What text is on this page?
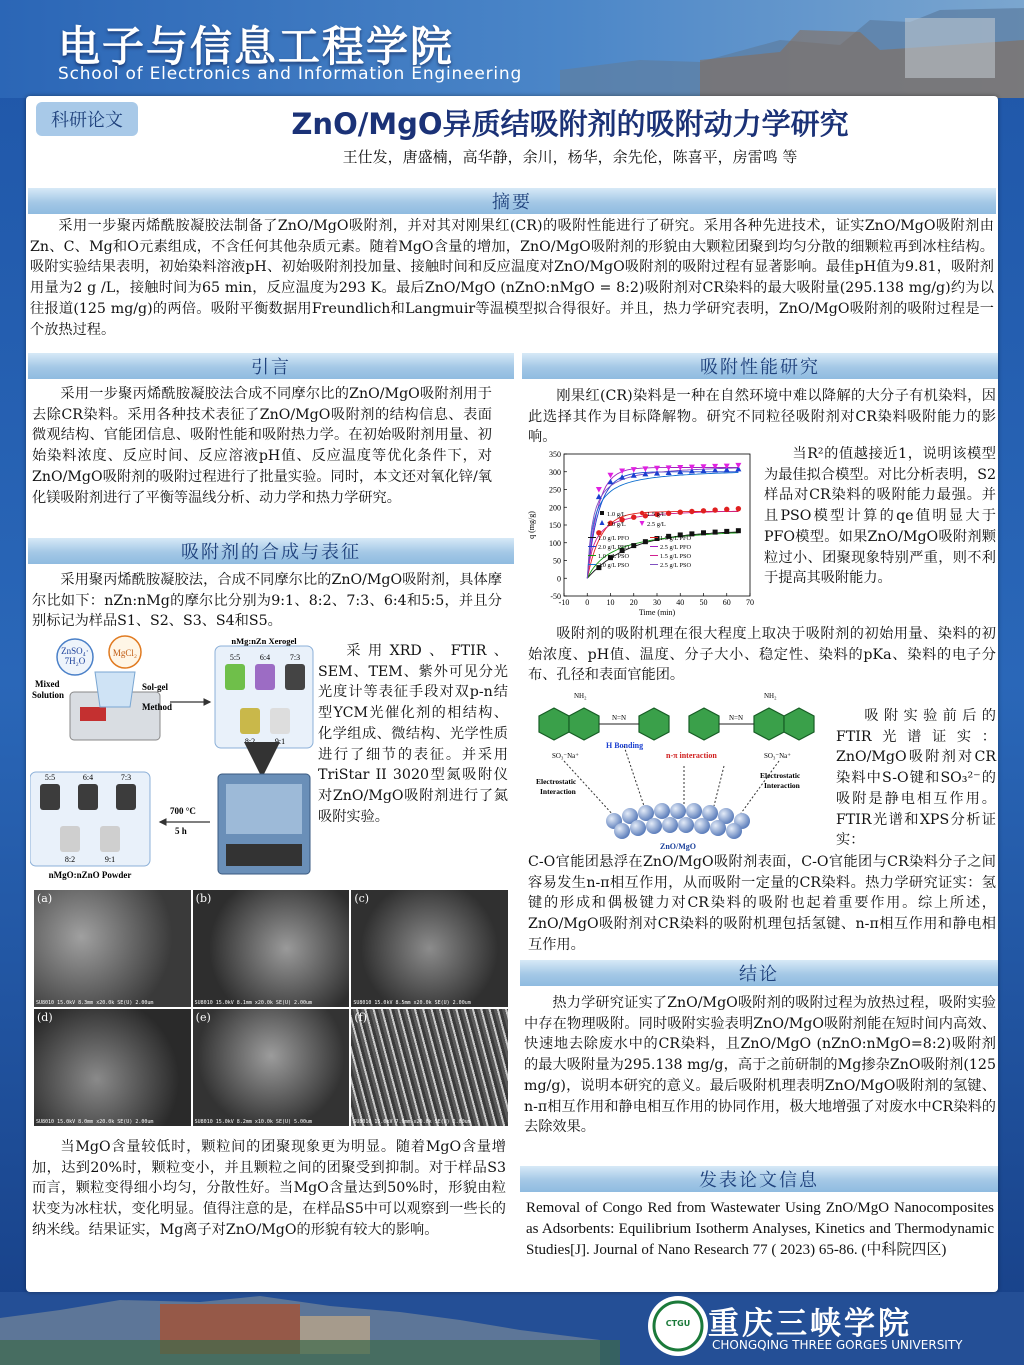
电子与信息工程学院
School of Electronics and Information Engineering
科研论文	ZnO/MgO异质结吸附剂的吸附动力学研究
王仕发，唐盛楠，高华静，余川，杨华，余先伦，陈喜平，房雷鸣 等
摘要

采用一步聚丙烯酰胺凝胶法制备了ZnO/MgO吸附剂，并对其对刚果红(CR)的吸附性能进行了研究。采用各种先进技术，证实ZnO/MgO吸附剂由Zn、C、Mg和O元素组成，不含任何其他杂质元素。随着MgO含量的增加，ZnO/MgO吸附剂的形貌由大颗粒团聚到均匀分散的细颗粒再到冰柱结构。吸附实验结果表明，初始染料溶液pH、初始吸附剂投加量、接触时间和反应温度对ZnO/MgO吸附剂的吸附过程有显著影响。最佳pH值为9.81，吸附剂用量为2 g /L，接触时间为65 min，反应温度为293 K。最后ZnO/MgO (nZnO:nMgO = 8:2)吸附剂对CR染料的最大吸附量(295.138 mg/g)约为以往报道(125 mg/g)的两倍。吸附平衡数据用Freundlich和Langmuir等温模型拟合得很好。并且，热力学研究表明，ZnO/MgO吸附剂的吸附过程是一个放热过程。

引言

采用一步聚丙烯酰胺凝胶法合成不同摩尔比的ZnO/MgO吸附剂用于去除CR染料。采用各种技术表征了ZnO/MgO吸附剂的结构信息、表面微观结构、官能团信息、吸附性能和吸附热力学。在初始吸附剂用量、初始染料浓度、反应时间、反应溶液pH值、反应温度等优化条件下，对ZnO/MgO吸附剂的吸附过程进行了批量实验。同时，本文还对氧化锌/氧化镁吸附剂进行了平衡等温线分析、动力学和热力学研究。

吸附剂的合成与表征

采用聚丙烯酰胺凝胶法，合成不同摩尔比的ZnO/MgO吸附剂，具体摩尔比如下：nZn:nMg的摩尔比分别为9:1、8:2、7:3、6:4和5:5，并且分别标记为样品S1、S2、S3、S4和S5。

ZnSO₄·
7H₂O
MgCl₂
Mixed
Solution
Sol-gel
Method
nMg:nZn Xerogel
5:5 6:4 7:3
8:2 9:1
700 °C
5 h
5:5	6:4	7:3
8:2	9:1
nMgO:nZnO Powder

采用XRD、FTIR、SEM、TEM、紫外可见分光光度计等表征手段对双p-n结型YCM光催化剂的相结构、化学组成、微结构、光学性质进行了细节的表征。并采用TriStar II 3020型氮吸附仪对ZnO/MgO吸附剂进行了氮吸附实验。

(a)
SU8010 15.0kV 8.3mm x20.0k SE(U) 2.00um
(b)
SU8010 15.0kV 8.1mm x20.0k SE(U) 2.00um
(c)
SU8010 15.0kV 8.5mm x20.0k SE(U) 2.00um
(d)
SU8010 15.0kV 8.0mm x20.0k SE(U) 2.00um
(e)
SU8010 15.0kV 8.2mm x10.0k SE(U) 5.00um
(f)
SU8010 15.0kV 7.9mm x20.0k SE(U) 2.00um

当MgO含量较低时，颗粒间的团聚现象更为明显。随着MgO含量增加，达到20%时，颗粒变小，并且颗粒之间的团聚受到抑制。对于样品S3而言，颗粒变得细小均匀，分散性好。当MgO含量达到50%时，形貌由粒状变为冰柱状，变化明显。值得注意的是，在样品S5中可以观察到一些长的纳米线。结果证实，Mg离子对ZnO/MgO的形貌有较大的影响。

吸附性能研究

刚果红(CR)染料是一种在自然环境中难以降解的大分子有机染料，因此选择其作为目标降解物。研究不同粒径吸附剂对CR染料吸附能力的影响。

-50
0
50
100
150
200
250
300
350
-10 0 10 20 30 40 50 60 70
Time (min)
q (mg/g)	1.0 g/L	1.5 g/L
2.0 g/L	2.5 g/L
1.0 g/L PFO	1.5 g/L PFO
2.0 g/L PFO	2.5 g/L PFO
1.0 g/L PSO	1.5 g/L PSO
2.0 g/L PSO	2.5 g/L PSO

当R²的值越接近1，说明该模型为最佳拟合模型。对比分析表明，S2样品对CR染料的吸附能力最强。并且PSO模型计算的qe值明显大于PFO模型。如果ZnO/MgO吸附剂颗粒过小、团聚现象特别严重，则不利于提高其吸附能力。

吸附剂的吸附机理在很大程度上取决于吸附剂的初始用量、染料的初始浓度、pH值、温度、分子大小、稳定性、染料的pKa、染料的电子分布、孔径和表面官能团。

N=N	N=N
NH₂	NH₂
SO₃⁻Na⁺	SO₃⁻Na⁺
H Bonding
n-π interaction
Electrostatic
Interaction
Electrostatic
Interaction
ZnO/MgO

吸附实验前后的FTIR光谱证实：ZnO/MgO吸附剂对CR染料中S-O键和SO₃²⁻的吸附是静电相互作用。FTIR光谱和XPS分析证实：

C-O官能团悬浮在ZnO/MgO吸附剂表面，C-O官能团与CR染料分子之间容易发生n-π相互作用，从而吸附一定量的CR染料。热力学研究证实：氢键的形成和偶极键力对CR染料的吸附也起着重要作用。综上所述，ZnO/MgO吸附剂对CR染料的吸附机理包括氢键、n-π相互作用和静电相互作用。

结论

热力学研究证实了ZnO/MgO吸附剂的吸附过程为放热过程，吸附实验中存在物理吸附。同时吸附实验表明ZnO/MgO吸附剂能在短时间内高效、快速地去除废水中的CR染料，且ZnO/MgO (nZnO:nMgO=8:2)吸附剂的最大吸附量为295.138 mg/g，高于之前研制的Mg掺杂ZnO吸附剂(125 mg/g)，说明本研究的意义。最后吸附机理表明ZnO/MgO吸附剂的氢键、n-π相互作用和静电相互作用的协同作用，极大地增强了对废水中CR染料的去除效果。

发表论文信息

Removal of Congo Red from Wastewater Using ZnO/MgO Nanocomposites as Adsorbents: Equilibrium Isotherm Analyses, Kinetics and Thermodynamic Studies[J]. Journal of Nano Research 77 ( 2023) 65-86. (中科院四区)

CTGU 重庆三峡学院
CHONGQING THREE GORGES UNIVERSITY
